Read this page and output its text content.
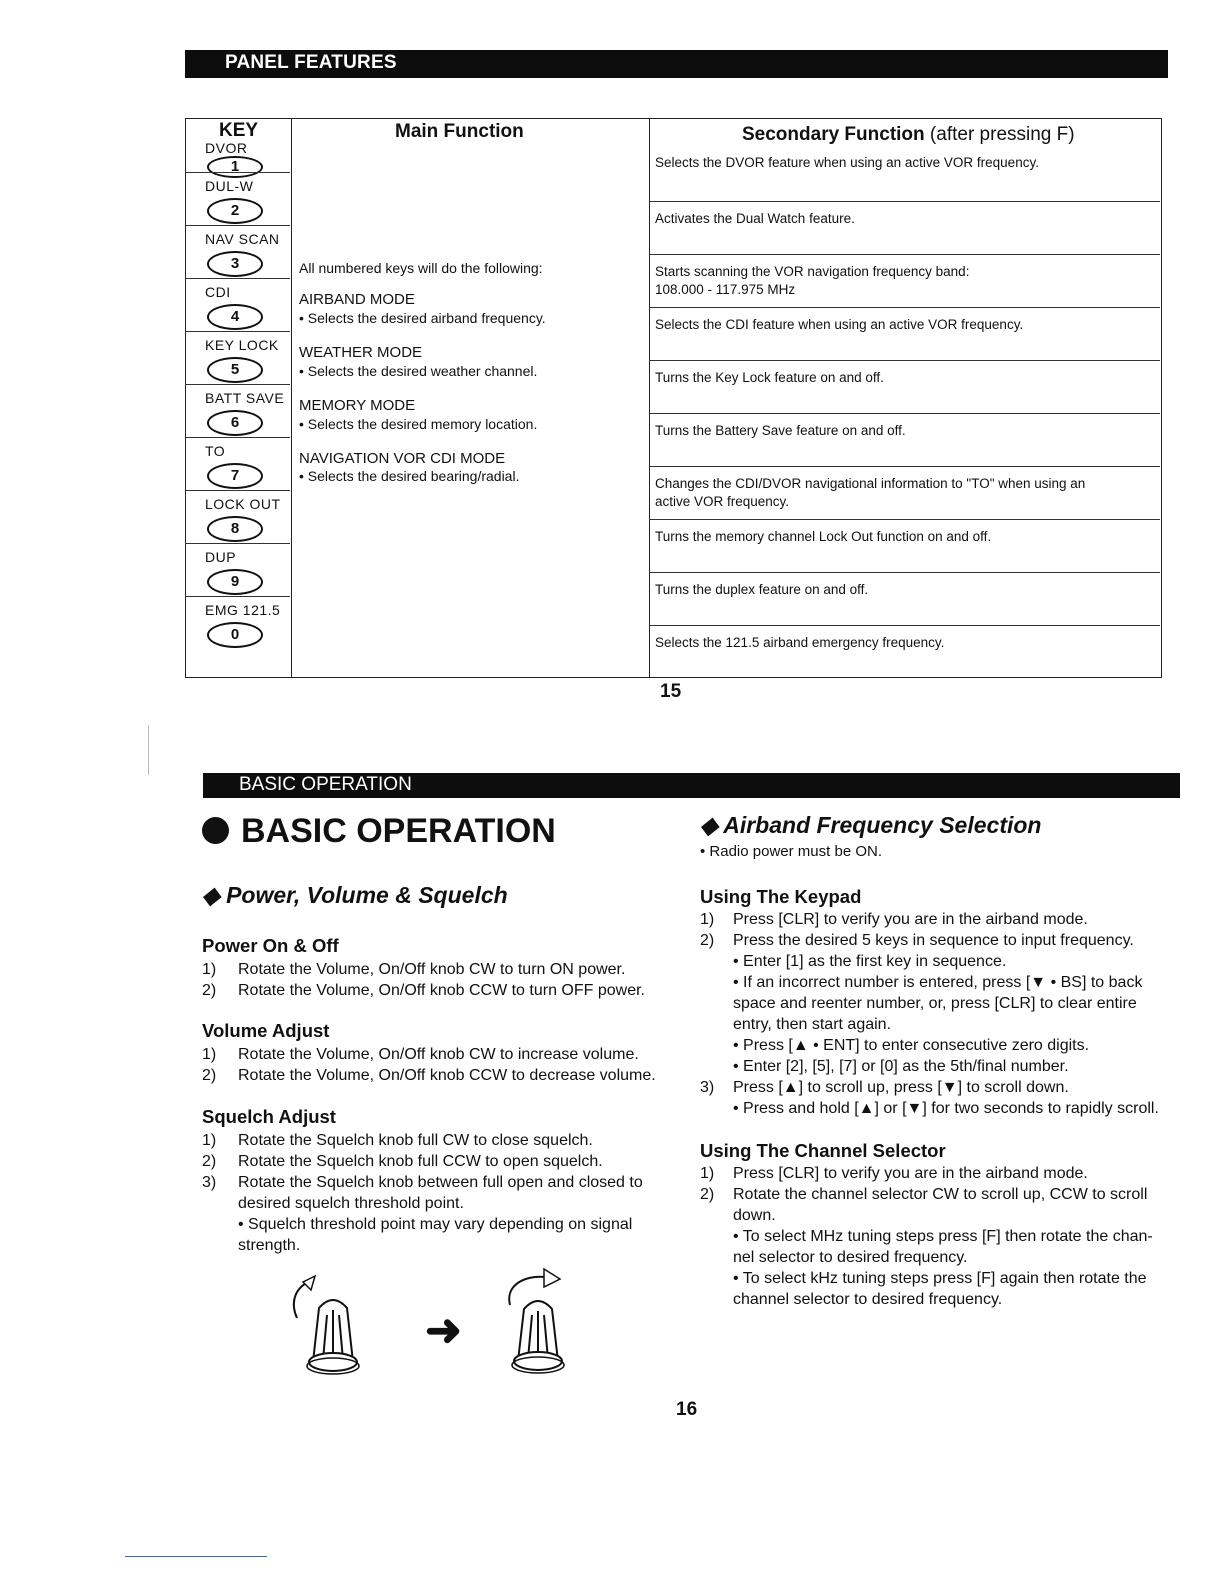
PANEL FEATURES
KEY	Main Function
All numbered keys will do the following:
AIRBAND MODE
• Selects the desired airband frequency.
WEATHER MODE
• Selects the desired weather channel.
MEMORY MODE
• Selects the desired memory location.
NAVIGATION VOR CDI MODE
• Selects the desired bearing/radial.
Secondary Function (after pressing F)
DVOR
1
DUL-W
2
NAV SCAN
3
CDI
4
KEY LOCK
5
BATT SAVE
6
TO
7
LOCK OUT
8
DUP
9
EMG 121.5
0
Selects the DVOR feature when using an active VOR frequency.
Activates the Dual Watch feature.
Starts scanning the VOR navigation frequency band:
108.000 - 117.975 MHz
Selects the CDI feature when using an active VOR frequency.
Turns the Key Lock feature on and off.
Turns the Battery Save feature on and off.
Changes the CDI/DVOR navigational information to "TO" when using an
active VOR frequency.
Turns the memory channel Lock Out function on and off.
Turns the duplex feature on and off.
Selects the 121.5 airband emergency frequency.
15
BASIC OPERATION
BASIC OPERATION
◆ Power, Volume & Squelch
Power On & Off
1) Rotate the Volume, On/Off knob CW to turn ON power.
2) Rotate the Volume, On/Off knob CCW to turn OFF power.
Volume Adjust
1) Rotate the Volume, On/Off knob CW to increase volume.
2) Rotate the Volume, On/Off knob CCW to decrease volume.
Squelch Adjust
1) Rotate the Squelch knob full CW to close squelch.
2) Rotate the Squelch knob full CCW to open squelch.
3) Rotate the Squelch knob between full open and closed to
desired squelch threshold point.
• Squelch threshold point may vary depending on signal
strength.
➜
◆ Airband Frequency Selection
• Radio power must be ON.
Using The Keypad
1) Press [CLR] to verify you are in the airband mode.
2) Press the desired 5 keys in sequence to input frequency.
• Enter [1] as the first key in sequence.
• If an incorrect number is entered, press [▼ • BS] to back
space and reenter number, or, press [CLR] to clear entire
entry, then start again.
• Press [▲ • ENT] to enter consecutive zero digits.
• Enter [2], [5], [7] or [0] as the 5th/final number.
3) Press [▲] to scroll up, press [▼] to scroll down.
• Press and hold [▲] or [▼] for two seconds to rapidly scroll.
Using The Channel Selector
1) Press [CLR] to verify you are in the airband mode.
2) Rotate the channel selector CW to scroll up, CCW to scroll
down.
• To select MHz tuning steps press [F] then rotate the chan-
nel selector to desired frequency.
• To select kHz tuning steps press [F] again then rotate the
channel selector to desired frequency.
16
